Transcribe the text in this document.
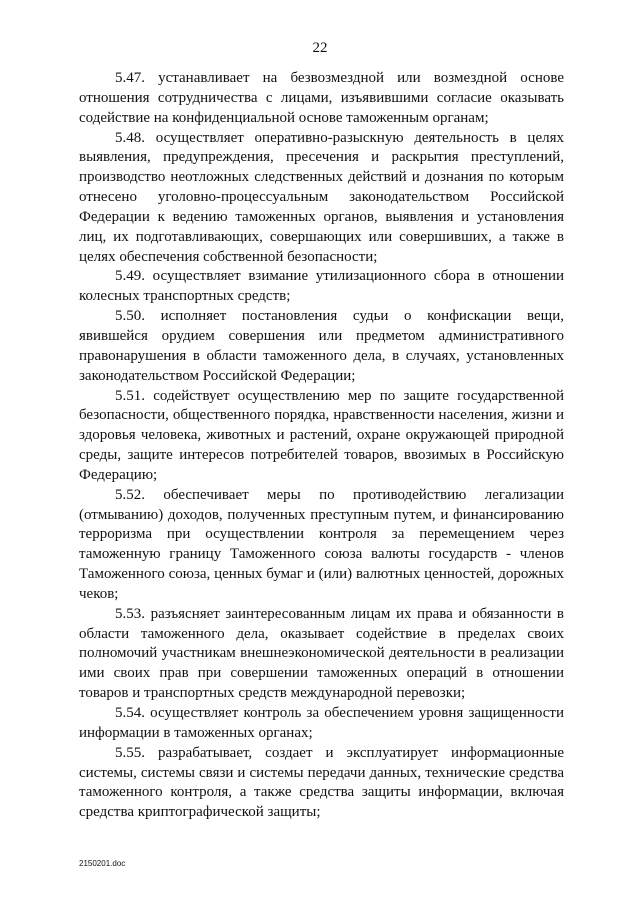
22

5.47. устанавливает на безвозмездной или возмездной основе отношения сотрудничества с лицами, изъявившими согласие оказывать содействие на конфиденциальной основе таможенным органам;

5.48. осуществляет оперативно-разыскную деятельность в целях выявления, предупреждения, пресечения и раскрытия преступлений, производство неотложных следственных действий и дознания по которым отнесено уголовно-процессуальным законодательством Российской Федерации к ведению таможенных органов, выявления и установления лиц, их подготавливающих, совершающих или совершивших, а также в целях обеспечения собственной безопасности;

5.49. осуществляет взимание утилизационного сбора в отношении колесных транспортных средств;

5.50. исполняет постановления судьи о конфискации вещи, явившейся орудием совершения или предметом административного правонарушения в области таможенного дела, в случаях, установленных законодательством Российской Федерации;

5.51. содействует осуществлению мер по защите государственной безопасности, общественного порядка, нравственности населения, жизни и здоровья человека, животных и растений, охране окружающей природной среды, защите интересов потребителей товаров, ввозимых в Российскую Федерацию;

5.52. обеспечивает меры по противодействию легализации (отмыванию) доходов, полученных преступным путем, и финансированию терроризма при осуществлении контроля за перемещением через таможенную границу Таможенного союза валюты государств - членов Таможенного союза, ценных бумаг и (или) валютных ценностей, дорожных чеков;

5.53. разъясняет заинтересованным лицам их права и обязанности в области таможенного дела, оказывает содействие в пределах своих полномочий участникам внешнеэкономической деятельности в реализации ими своих прав при совершении таможенных операций в отношении товаров и транспортных средств международной перевозки;

5.54. осуществляет контроль за обеспечением уровня защищенности информации в таможенных органах;

5.55. разрабатывает, создает и эксплуатирует информационные системы, системы связи и системы передачи данных, технические средства таможенного контроля, а также средства защиты информации, включая средства криптографической защиты;

2150201.doc
